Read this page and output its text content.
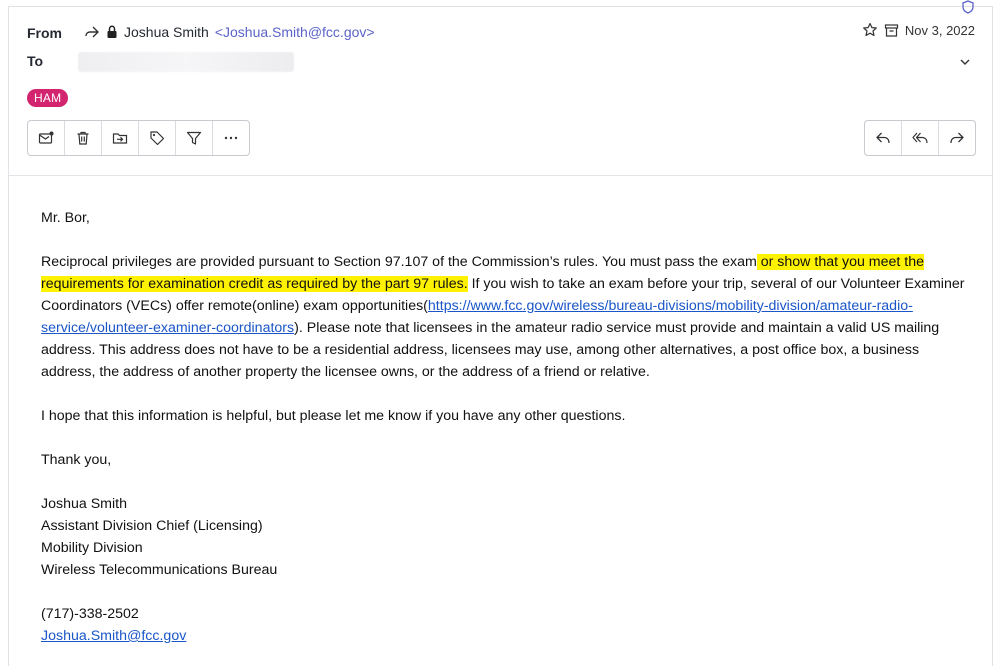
From
To
Joshua Smith <Joshua.Smith@fcc.gov>	Nov 3, 2022
HAM

Mr. Bor,

Reciprocal privileges are provided pursuant to Section 97.107 of the Commission’s rules. You must pass the exam or show that you meet the requirements for examination credit as required by the part 97 rules. If you wish to take an exam before your trip, several of our Volunteer Examiner Coordinators (VECs) offer remote(online) exam opportunities(https://www.fcc.gov/wireless/bureau-divisions/mobility-division/amateur-radio-service/volunteer-examiner-coordinators). Please note that licensees in the amateur radio service must provide and maintain a valid US mailing address. This address does not have to be a residential address, licensees may use, among other alternatives, a post office box, a business address, the address of another property the licensee owns, or the address of a friend or relative.

I hope that this information is helpful, but please let me know if you have any other questions.

Thank you,

Joshua Smith
Assistant Division Chief (Licensing)
Mobility Division
Wireless Telecommunications Bureau

(717)-338-2502
Joshua.Smith@fcc.gov
